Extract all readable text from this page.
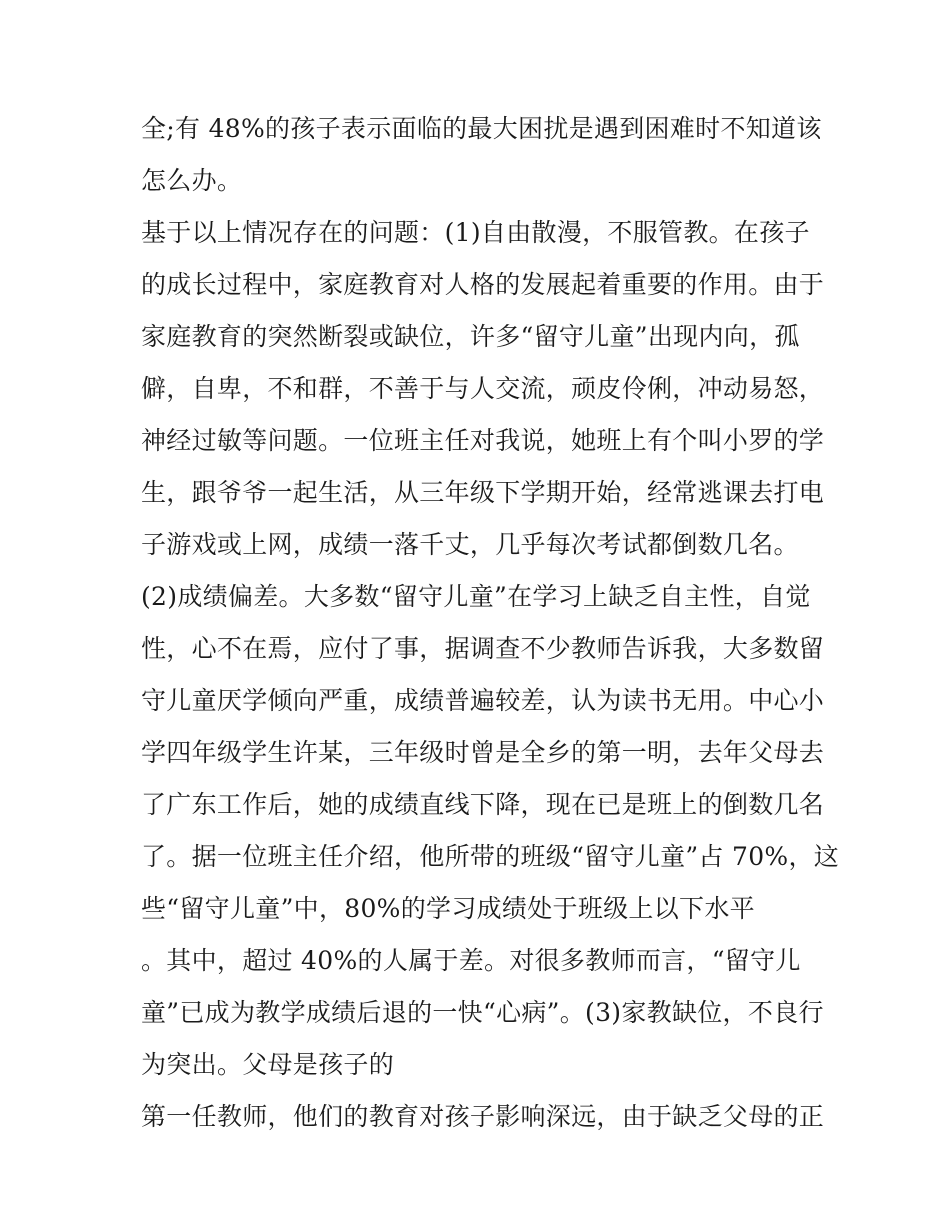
全;有 48%的孩子表示面临的最大困扰是遇到困难时不知道该
怎么办。
基于以上情况存在的问题：(1)自由散漫，不服管教。在孩子
的成长过程中，家庭教育对人格的发展起着重要的作用。由于
家庭教育的突然断裂或缺位，许多“留守儿童”出现内向，孤
僻，自卑，不和群，不善于与人交流，顽皮伶俐，冲动易怒，
神经过敏等问题。一位班主任对我说，她班上有个叫小罗的学
生，跟爷爷一起生活，从三年级下学期开始，经常逃课去打电
子游戏或上网，成绩一落千丈，几乎每次考试都倒数几名。
(2)成绩偏差。大多数“留守儿童”在学习上缺乏自主性，自觉
性，心不在焉，应付了事，据调查不少教师告诉我，大多数留
守儿童厌学倾向严重，成绩普遍较差，认为读书无用。中心小
学四年级学生许某，三年级时曾是全乡的第一明，去年父母去
了广东工作后，她的成绩直线下降，现在已是班上的倒数几名
了。据一位班主任介绍，他所带的班级“留守儿童”占 70%，这
些“留守儿童”中，80%的学习成绩处于班级上以下水平
。其中，超过 40%的人属于差。对很多教师而言，“留守儿
童”已成为教学成绩后退的一快“心病”。(3)家教缺位，不良行
为突出。父母是孩子的
第一任教师，他们的教育对孩子影响深远，由于缺乏父母的正
